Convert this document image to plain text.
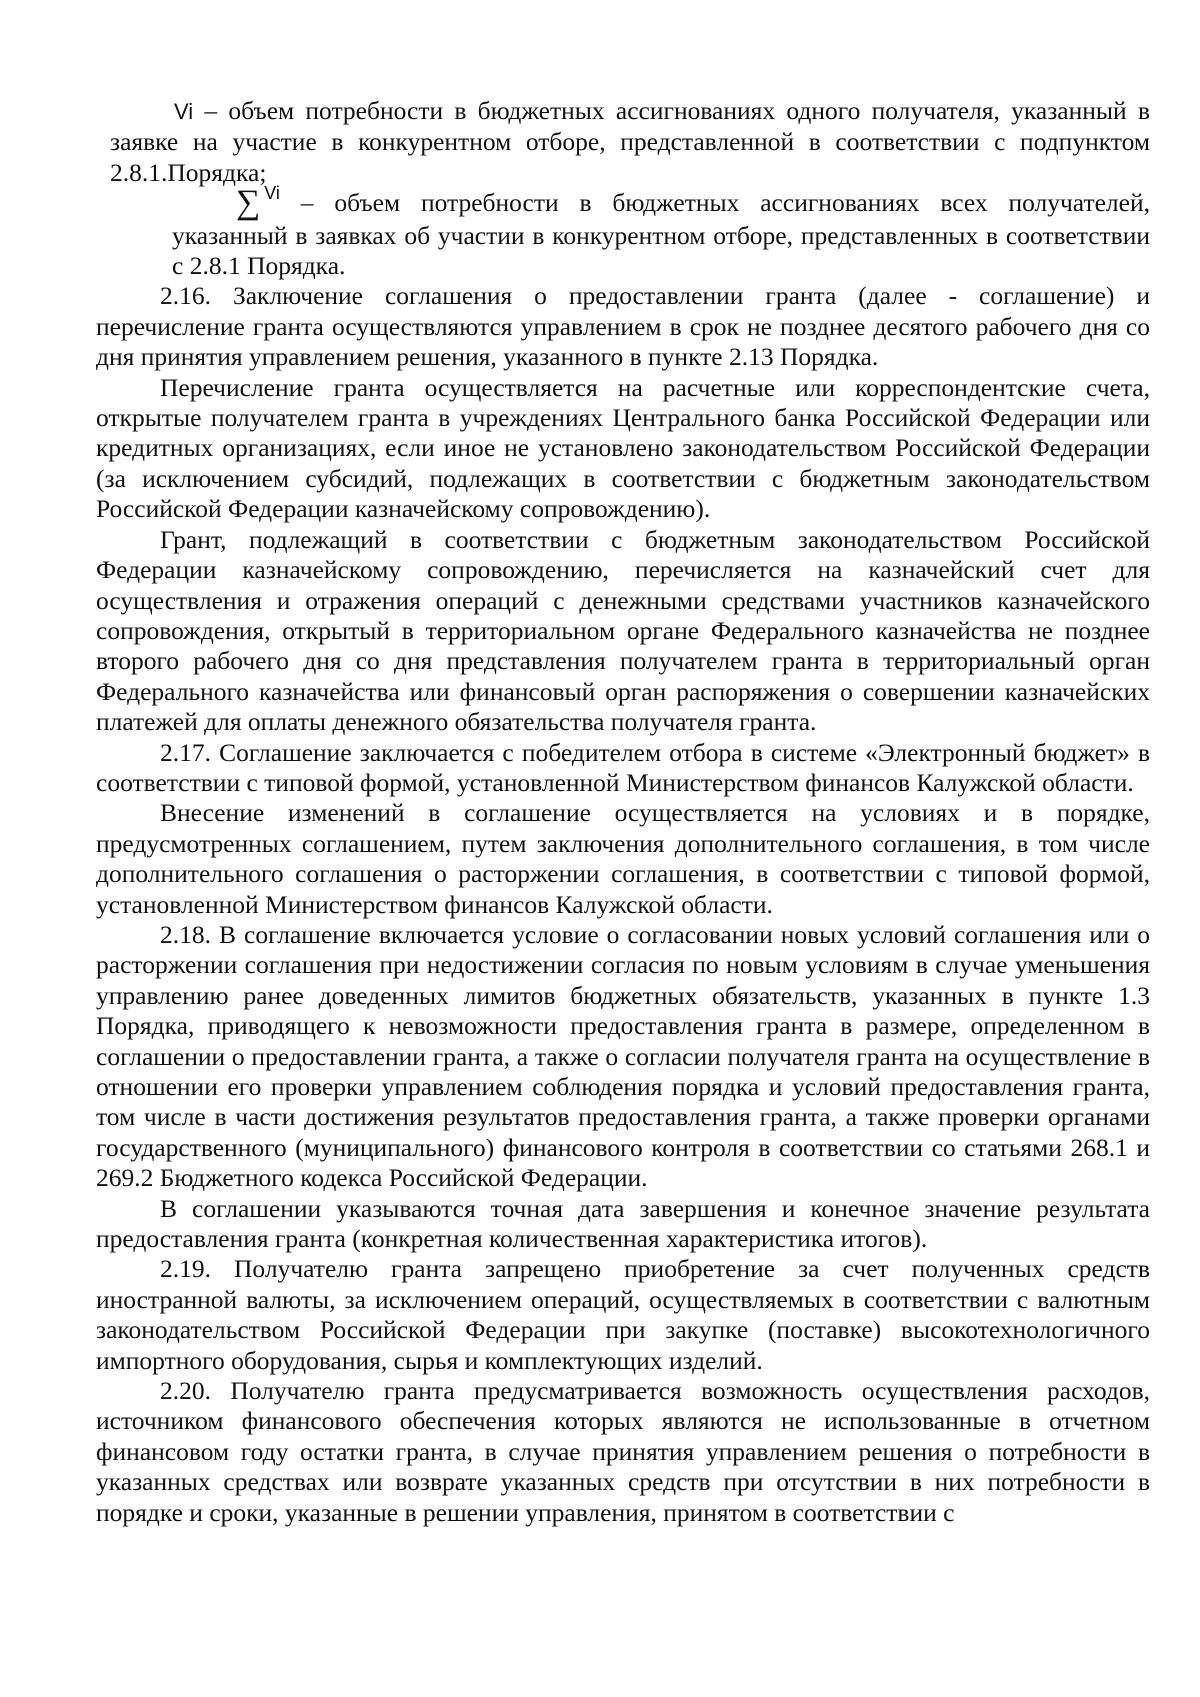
Vi – объем потребности в бюджетных ассигнованиях одного получателя, указанный в заявке на участие в конкурентном отборе, представленной в соответствии с подпунктом 2.8.1.Порядка;

∑ $^{Vi}$ – объем потребности в бюджетных ассигнованиях всех получателей, указанный в заявках об участии в конкурентном отборе, представленных в соответствии с 2.8.1 Порядка.

2.16. Заключение соглашения о предоставлении гранта (далее - соглашение) и перечисление гранта осуществляются управлением в срок не позднее десятого рабочего дня со дня принятия управлением решения, указанного в пункте 2.13 Порядка.

Перечисление гранта осуществляется на расчетные или корреспондентские счета, открытые получателем гранта в учреждениях Центрального банка Российской Федерации или кредитных организациях, если иное не установлено законодательством Российской Федерации (за исключением субсидий, подлежащих в соответствии с бюджетным законодательством Российской Федерации казначейскому сопровождению).

Грант, подлежащий в соответствии с бюджетным законодательством Российской Федерации казначейскому сопровождению, перечисляется на казначейский счет для осуществления и отражения операций с денежными средствами участников казначейского сопровождения, открытый в территориальном органе Федерального казначейства не позднее второго рабочего дня со дня представления получателем гранта в территориальный орган Федерального казначейства или финансовый орган распоряжения о совершении казначейских платежей для оплаты денежного обязательства получателя гранта.

2.17. Соглашение заключается с победителем отбора в системе «Электронный бюджет» в соответствии с типовой формой, установленной Министерством финансов Калужской области.

Внесение изменений в соглашение осуществляется на условиях и в порядке, предусмотренных соглашением, путем заключения дополнительного соглашения, в том числе дополнительного соглашения о расторжении соглашения, в соответствии с типовой формой, установленной Министерством финансов Калужской области.

2.18. В соглашение включается условие о согласовании новых условий соглашения или о расторжении соглашения при недостижении согласия по новым условиям в случае уменьшения управлению ранее доведенных лимитов бюджетных обязательств, указанных в пункте 1.3 Порядка, приводящего к невозможности предоставления гранта в размере, определенном в соглашении о предоставлении гранта, а также о согласии получателя гранта на осуществление в отношении его проверки управлением соблюдения порядка и условий предоставления гранта, том числе в части достижения результатов предоставления гранта, а также проверки органами государственного (муниципального) финансового контроля в соответствии со статьями 268.1 и 269.2 Бюджетного кодекса Российской Федерации.

В соглашении указываются точная дата завершения и конечное значение результата предоставления гранта (конкретная количественная характеристика итогов).

2.19. Получателю гранта запрещено приобретение за счет полученных средств иностранной валюты, за исключением операций, осуществляемых в соответствии с валютным законодательством Российской Федерации при закупке (поставке) высокотехнологичного импортного оборудования, сырья и комплектующих изделий.

2.20. Получателю гранта предусматривается возможность осуществления расходов, источником финансового обеспечения которых являются не использованные в отчетном финансовом году остатки гранта, в случае принятия управлением решения о потребности в указанных средствах или возврате указанных средств при отсутствии в них потребности в порядке и сроки, указанные в решении управления, принятом в соответствии с
